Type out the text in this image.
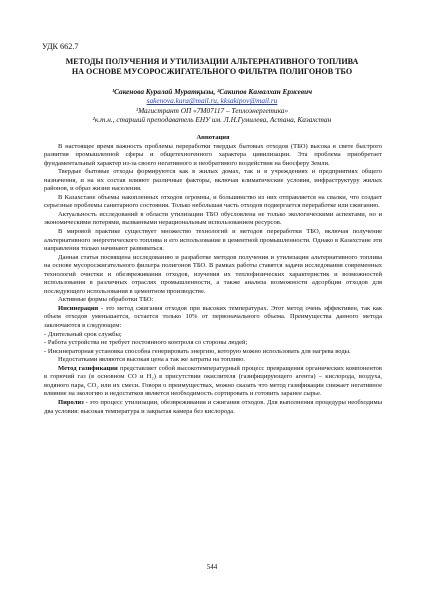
УДК 662.7
МЕТОДЫ ПОЛУЧЕНИЯ И УТИЛИЗАЦИИ АЛЬТЕРНАТИВНОГО ТОПЛИВА
НА ОСНОВЕ МУСОРОСЖИГАТЕЛЬНОГО ФИЛЬТРА ПОЛИГОНОВ ТБО
¹Сакенова Куралай Муратқызы, ²Сакипов Камалхан Ержевич
sakenova.kura@mail.ru, kksakipov@mail.ru
¹Магистрант ОП «7М07117 – Теплоэнергетика»
²к.т.н., старший преподаватель ЕНУ им. Л.Н.Гумилева, Астана, Казахстан

Аннотация

В настоящее время важность проблемы переработки твердых бытовых отходов (ТБО) высока в свете быстрого развития промышленной сферы и общетехногенного характера цивилизации. Эта проблема приобретает фундаментальный характер из-за своего негативного и необратимого воздействия на биосферу Земли.

Твердые бытовые отходы формируются как в жилых домах, так и в учреждениях и предприятиях общего назначения, и на их состав влияют различные факторы, включая климатические условия, инфраструктуру жилых районов, и образ жизни населения.

В Казахстане объемы накопленных отходов огромны, и большинство из них отправляется на свалки, что создает серьезные проблемы санитарного состояния. Только небольшая часть отходов подвергается переработке или сжиганию.

Актуальность исследований в области утилизации ТБО обусловлена не только экологическими аспектами, но и экономическими потерями, вызванными нерациональным использованием ресурсов.

В мировой практике существует множество технологий и методов переработки ТБО, включая получение альтернативного энергетического топлива и его использование в цементной промышленности. Однако в Казахстане эти направления только начинают развиваться.

Данная статья посвящена исследованию и разработке методов получения и утилизации альтернативного топлива на основе мусоросжигательного фильтра полигонов ТБО. В рамках работы ставятся задачи исследования современных технологий очистки и обезвреживания отходов, изучения их теплофизических характеристик и возможностей использования в различных отраслях промышленности, а также анализа возможности адсорбции отходов для последующего использования в цементном производстве.

Активные формы обработки ТБО:

Инсинерация - это метод сжигания отходов при высоких температурах. Этот метод очень эффективен, так как объем отходов уменьшается, остается только 10% от первоначального объема. Преимущества данного метода заключаются в следующем:

- Длительный срок службы;

- Работа устройства не требует постоянного контроля со стороны людей;

- Инсинераторная установка способна генерировать энергию, которую можно использовать для нагрева воды.

Недостатками являются высокая цена а так же затраты на топливо.

Метод газификации представляет собой высокотемпературный процесс превращения органических компонентов в горючий газ (в основном CO и H₂) в присутствии окислителя (газифицирующего агента) – кислорода, воздуха, водяного пара, CO₂ или их смеси. Говоря о преимуществах, можно сказать что метод газификации снижает негативное влияние на экологию и недостатков является необходимость сортировать и готовить заранее сырье.

Пиролиз - это процесс утилизации, обезвреживания и сжигания отходов. Для выполнения процедуры необходимы два условия: высокая температура и закрытая камера без кислорода.

544
